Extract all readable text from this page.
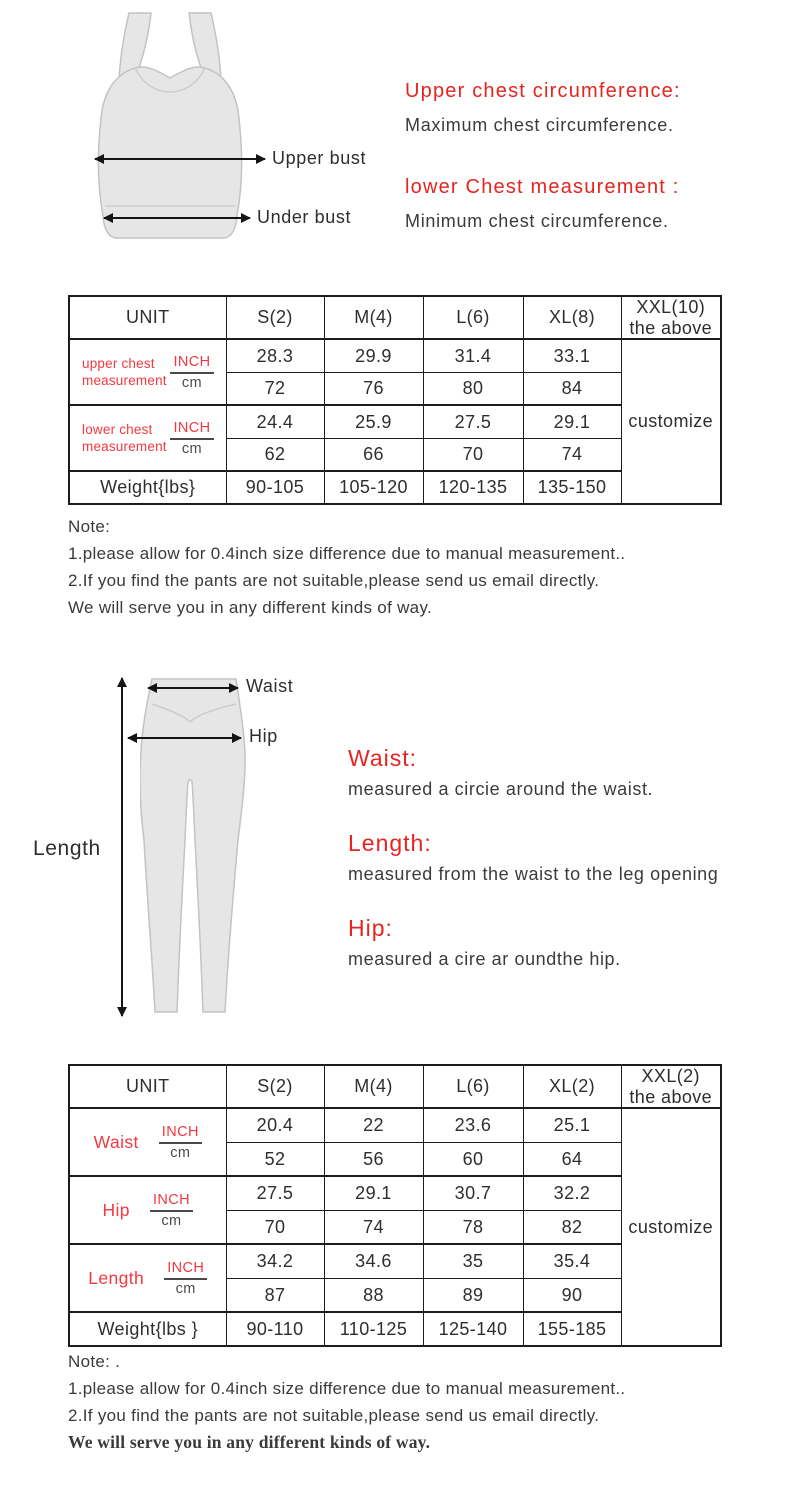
Upper bust
Under bust
Upper chest circumference:
Maximum chest circumference.
lower Chest measurement :
Minimum chest circumference.
UNIT	S(2)	M(4)	L(6)	XL(8)	XXL(10)
the above

upper chest
measurement $\frac{\text{INCH}}{cm}$	28.3	29.9	31.4	33.1	customize
	72	76	80	84	

lower chest
measurement $\frac{\text{INCH}}{cm}$	24.4	25.9	27.5	29.1	
	62	66	70	74	
Weight{lbs}	90-105	105-120	120-135	135-150	
Note:
1.please allow for 0.4inch size difference due to manual measurement..
2.If you find the pants are not suitable,please send us email directly.
We will serve you in any different kinds of way.
Length
Waist
Hip
Waist:
measured a circie around the waist.
Length:
measured from the waist to the leg opening
Hip:
measured a cire ar oundthe hip.
UNIT	S(2)	M(4)	L(6)	XL(2)	XXL(2)
the above

Waist $\frac{\text{INCH}}{cm}$	20.4	22	23.6	25.1	customize
	52	56	60	64	

Hip $\frac{\text{INCH}}{cm}$	27.5	29.1	30.7	32.2	
	70	74	78	82	

Length $\frac{\text{INCH}}{cm}$	34.2	34.6	35	35.4	
	87	88	89	90	
Weight{lbs }	90-110	110-125	125-140	155-185	
Note: .
1.please allow for 0.4inch size difference due to manual measurement..
2.If you find the pants are not suitable,please send us email directly.
We will serve you in any different kinds of way.
